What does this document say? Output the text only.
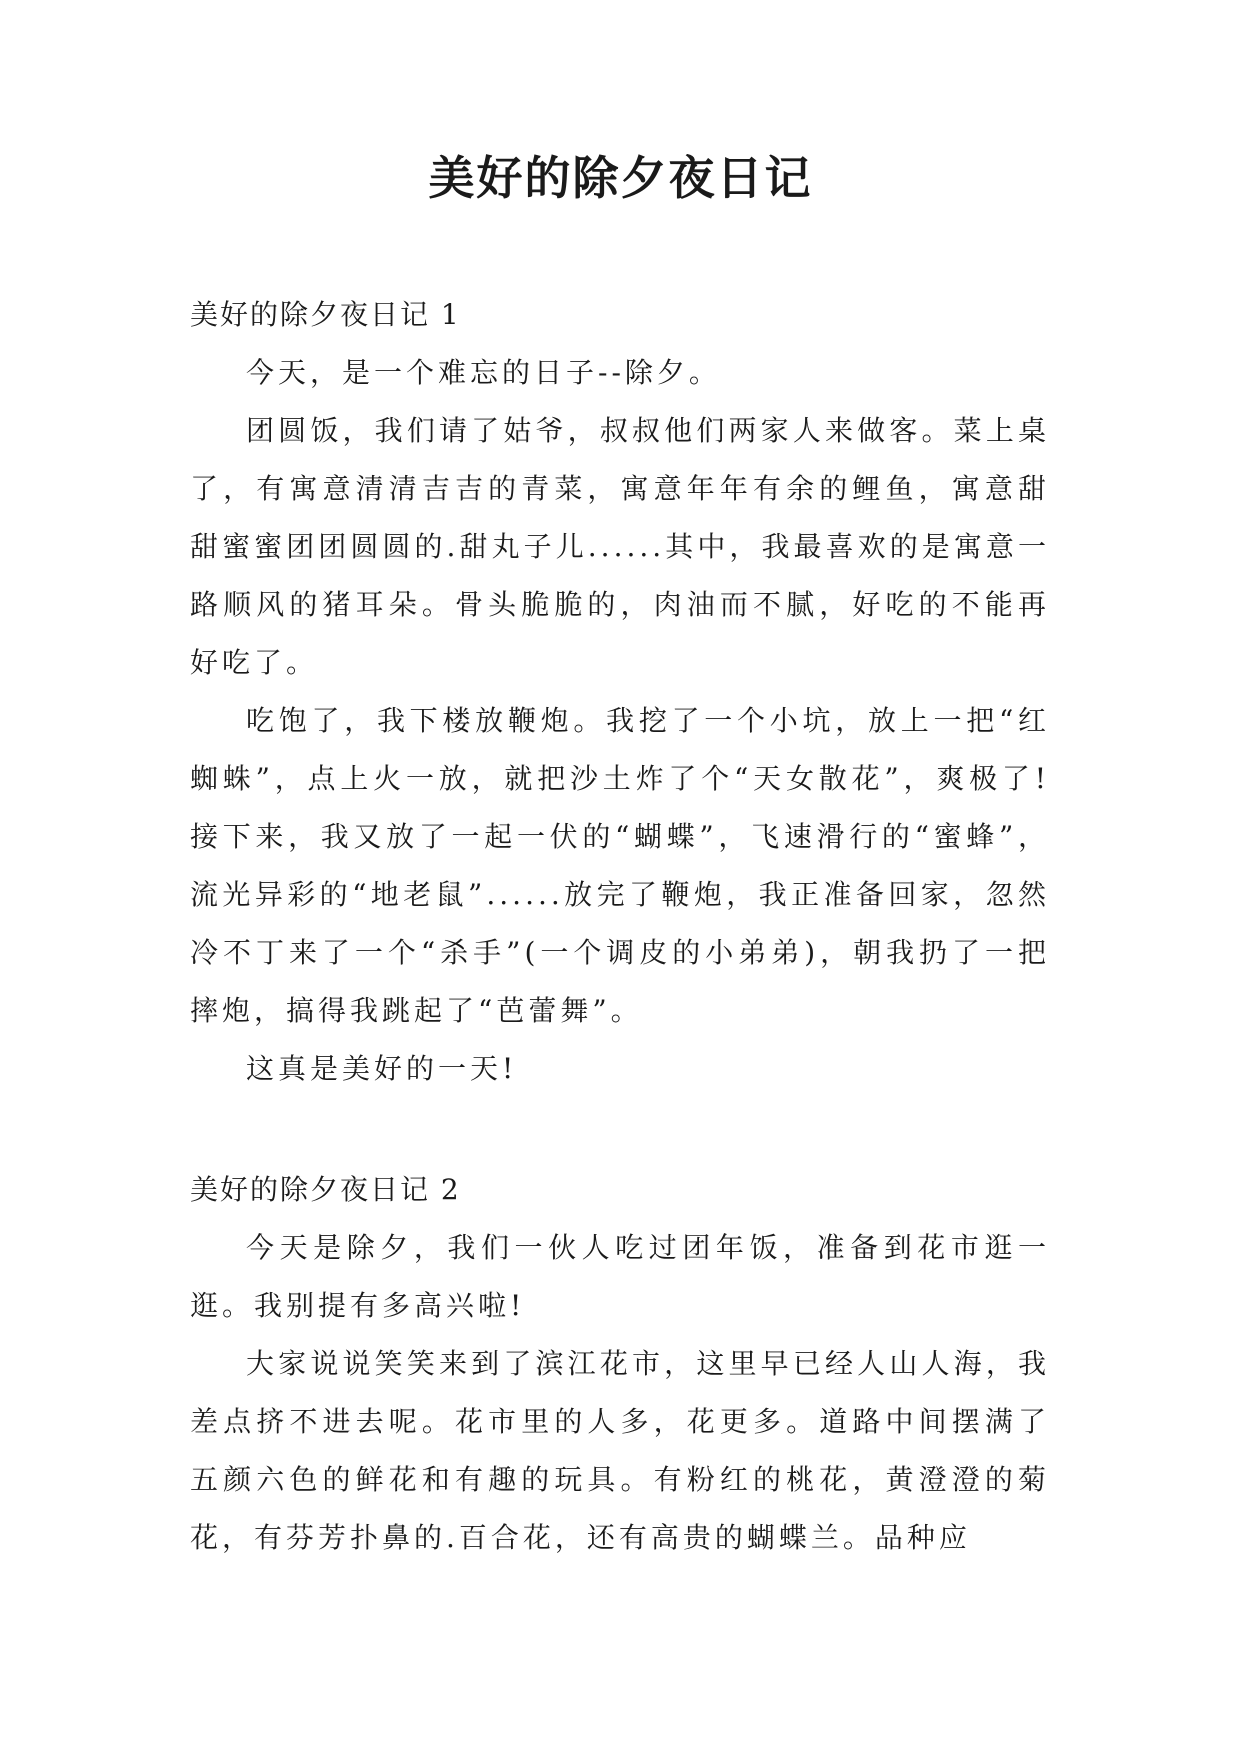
美好的除夕夜日记
美好的除夕夜日记 1

今天，是一个难忘的日子--除夕。

团圆饭，我们请了姑爷，叔叔他们两家人来做客。菜上桌了，有寓意清清吉吉的青菜，寓意年年有余的鲤鱼，寓意甜甜蜜蜜团团圆圆的.甜丸子儿......其中，我最喜欢的是寓意一路顺风的猪耳朵。骨头脆脆的，肉油而不腻，好吃的不能再好吃了。

吃饱了，我下楼放鞭炮。我挖了一个小坑，放上一把“红蜘蛛”，点上火一放，就把沙土炸了个“天女散花”，爽极了!接下来，我又放了一起一伏的“蝴蝶”，飞速滑行的“蜜蜂”，流光异彩的“地老鼠”......放完了鞭炮，我正准备回家，忽然冷不丁来了一个“杀手”(一个调皮的小弟弟)，朝我扔了一把摔炮，搞得我跳起了“芭蕾舞”。

这真是美好的一天!

美好的除夕夜日记 2

今天是除夕，我们一伙人吃过团年饭，准备到花市逛一逛。我别提有多高兴啦!

大家说说笑笑来到了滨江花市，这里早已经人山人海，我差点挤不进去呢。花市里的人多，花更多。道路中间摆满了五颜六色的鲜花和有趣的玩具。有粉红的桃花，黄澄澄的菊花，有芬芳扑鼻的.百合花，还有高贵的蝴蝶兰。品种应
